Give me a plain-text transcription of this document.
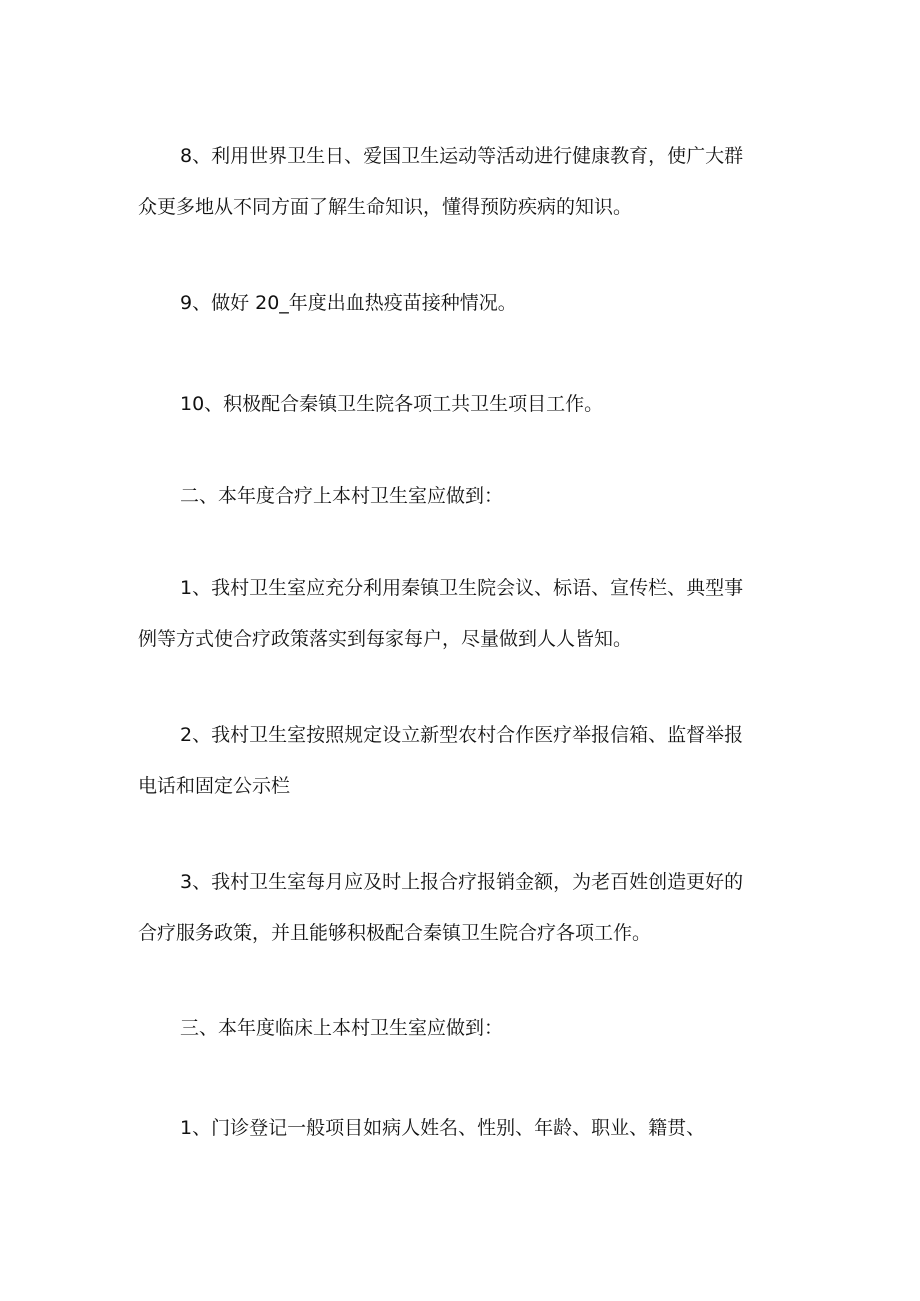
8、利用世界卫生日、爱国卫生运动等活动进行健康教育，使广大群
众更多地从不同方面了解生命知识，懂得预防疾病的知识。
9、做好 20_年度出血热疫苗接种情况。
10、积极配合秦镇卫生院各项工共卫生项目工作。
二、本年度合疗上本村卫生室应做到：
1、我村卫生室应充分利用秦镇卫生院会议、标语、宣传栏、典型事
例等方式使合疗政策落实到每家每户，尽量做到人人皆知。
2、我村卫生室按照规定设立新型农村合作医疗举报信箱、监督举报
电话和固定公示栏
3、我村卫生室每月应及时上报合疗报销金额，为老百姓创造更好的
合疗服务政策，并且能够积极配合秦镇卫生院合疗各项工作。
三、本年度临床上本村卫生室应做到：
1、门诊登记一般项目如病人姓名、性别、年龄、职业、籍贯、
